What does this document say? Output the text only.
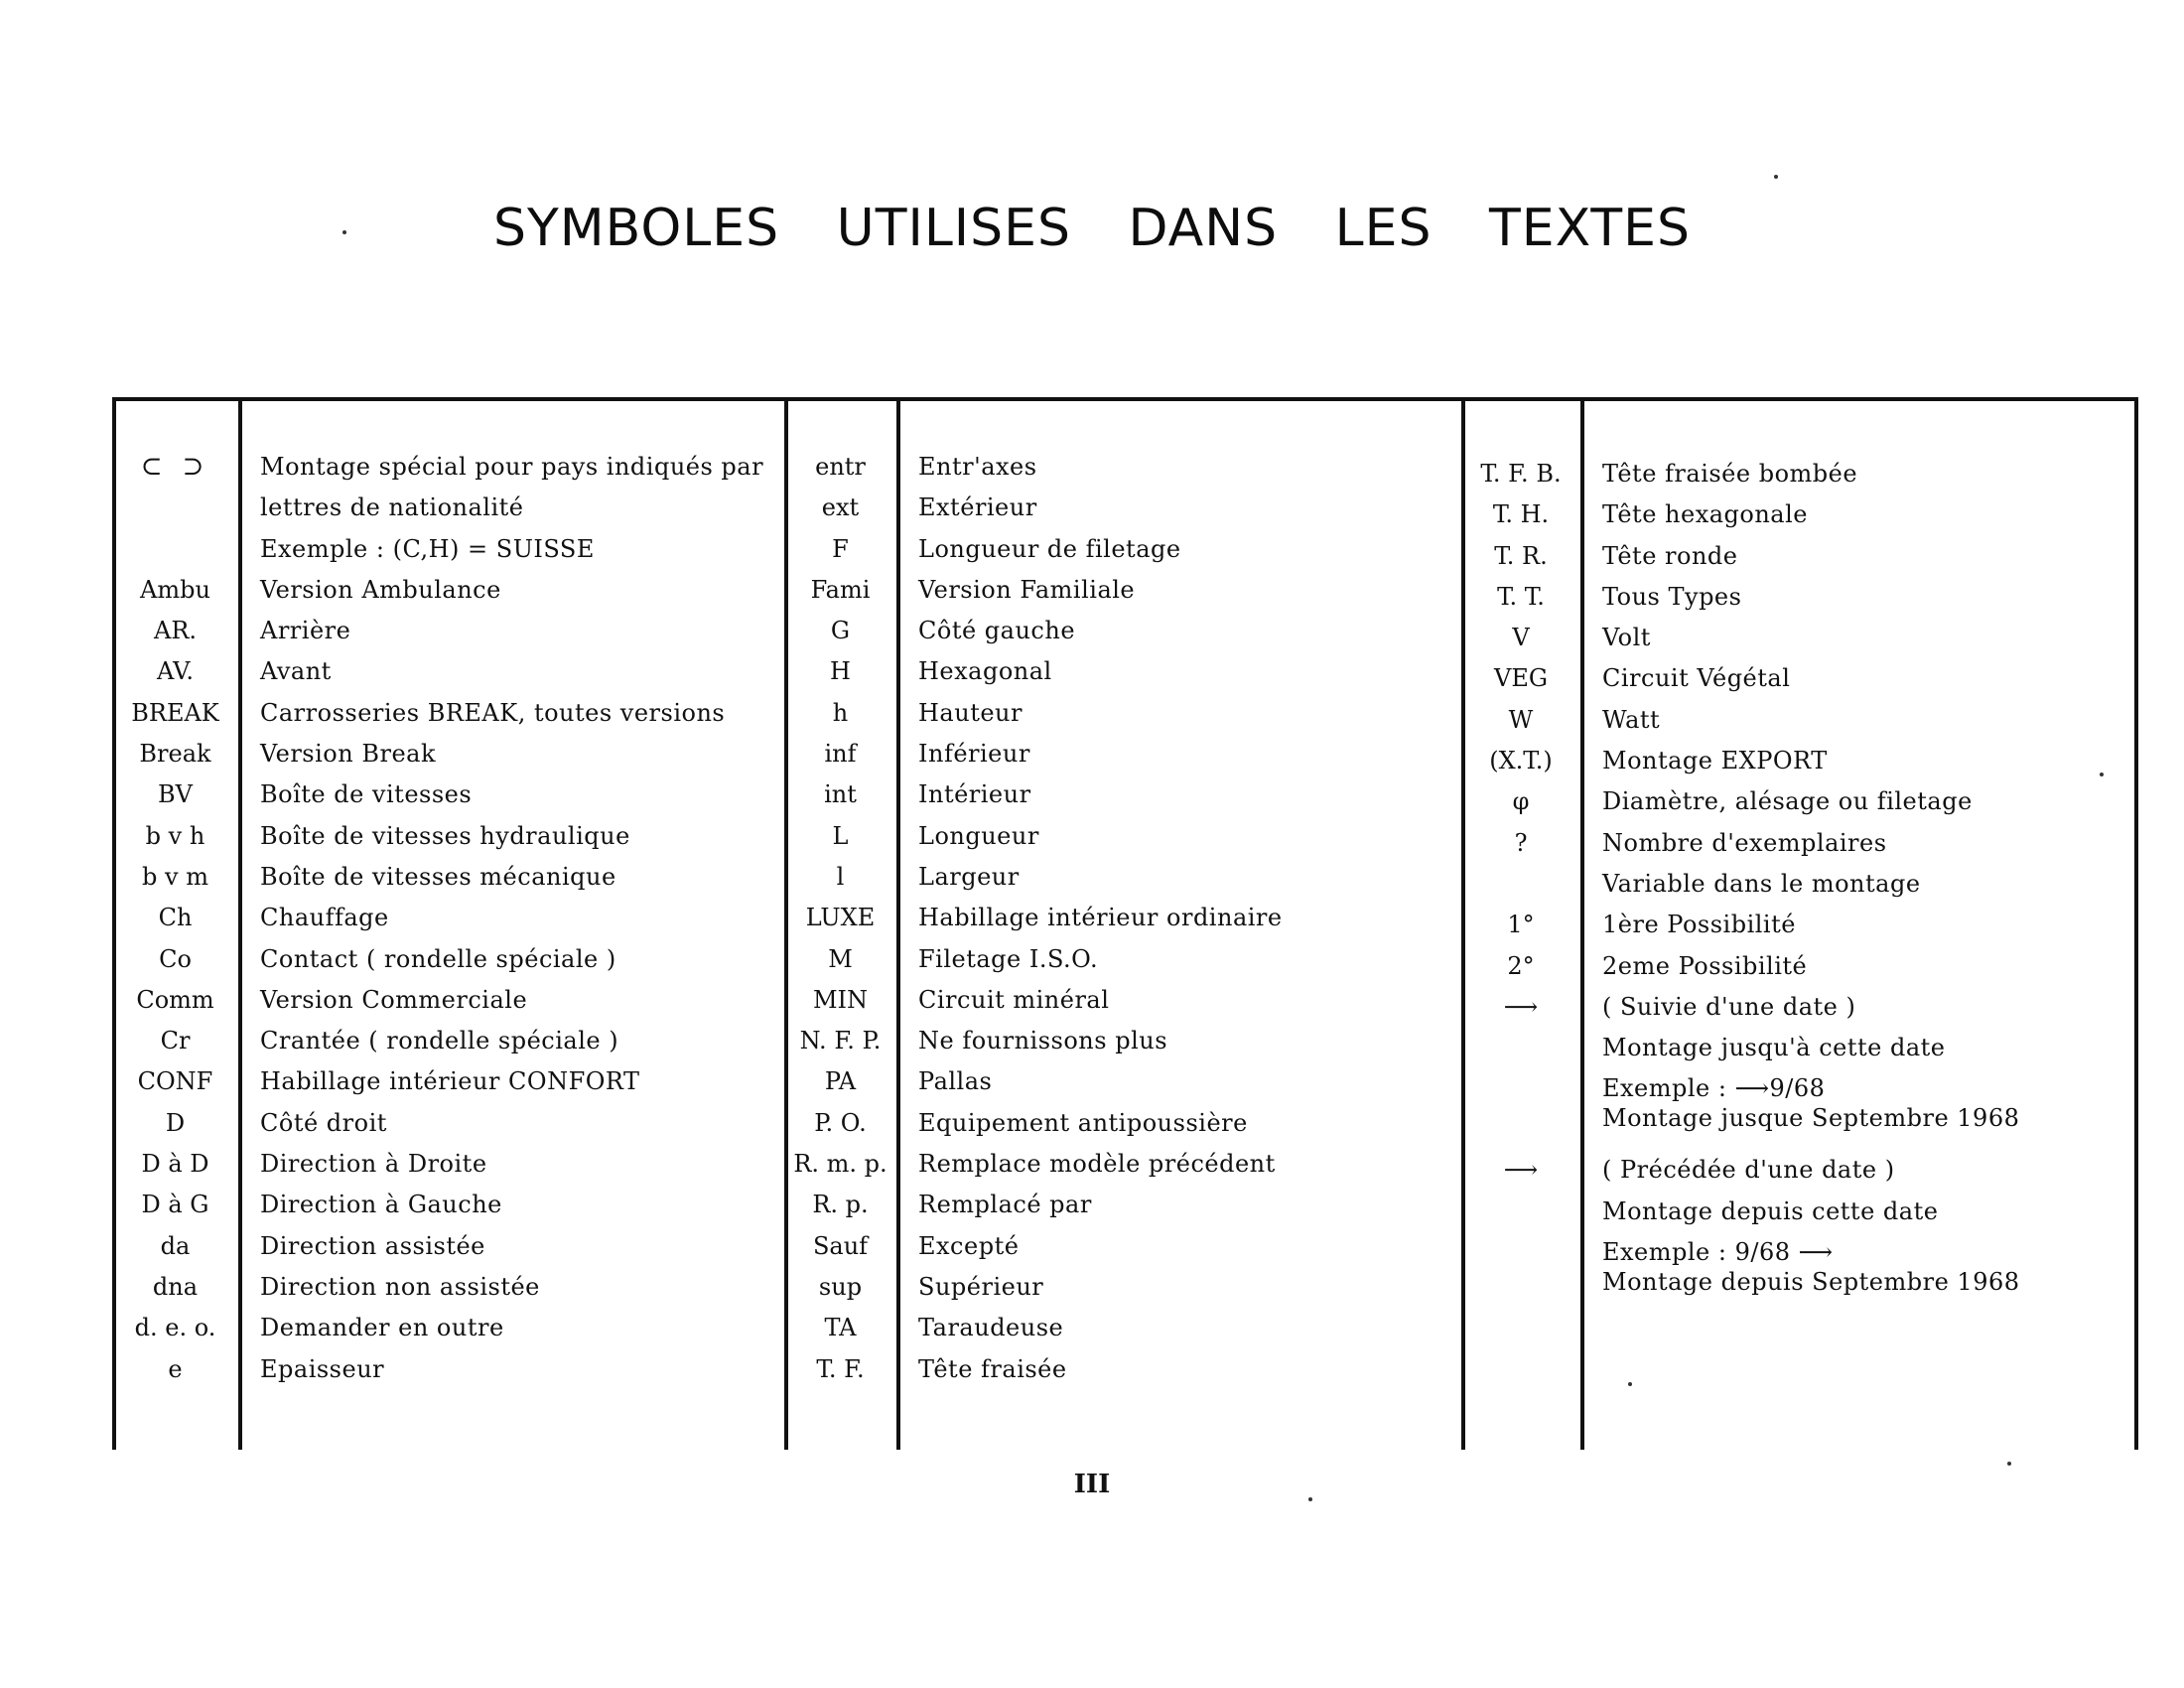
SYMBOLES UTILISES DANS LES TEXTES
⊂ ⊃	Montage spécial pour pays indiqués par
lettres de nationalité
Exemple : (C,H) = SUISSE
Ambu	Version Ambulance
AR.	Arrière
AV.	Avant
BREAK	Carrosseries BREAK, toutes versions
Break	Version Break
BV	Boîte de vitesses
b v h	Boîte de vitesses hydraulique
b v m	Boîte de vitesses mécanique
Ch	Chauffage
Co	Contact ( rondelle spéciale )
Comm	Version Commerciale
Cr	Crantée ( rondelle spéciale )
CONF	Habillage intérieur CONFORT
D	Côté droit
D à D	Direction à Droite
D à G	Direction à Gauche
da	Direction assistée
dna	Direction non assistée
d. e. o.	Demander en outre
e	Epaisseur
entr	Entr'axes
ext	Extérieur
F	Longueur de filetage
Fami	Version Familiale
G	Côté gauche
H	Hexagonal
h	Hauteur
inf	Inférieur
int	Intérieur
L	Longueur
l	Largeur
LUXE	Habillage intérieur ordinaire
M	Filetage I.S.O.
MIN	Circuit minéral
N. F. P.	Ne fournissons plus
PA	Pallas
P. O.	Equipement antipoussière
R. m. p.	Remplace modèle précédent
R. p.	Remplacé par
Sauf	Excepté
sup	Supérieur
TA	Taraudeuse
T. F.	Tête fraisée
T. F. B.	Tête fraisée bombée
T. H.	Tête hexagonale
T. R.	Tête ronde
T. T.	Tous Types
V	Volt
VEG	Circuit Végétal
W	Watt
(X.T.)	Montage EXPORT
φ	Diamètre, alésage ou filetage
?	Nombre d'exemplaires
Variable dans le montage
1°	1ère Possibilité
2°	2eme Possibilité
⟶	( Suivie d'une date )
Montage jusqu'à cette date
Exemple : ⟶9/68
Montage jusque Septembre 1968
⟶	( Précédée d'une date )
Montage depuis cette date
Exemple : 9/68 ⟶
Montage depuis Septembre 1968
III
